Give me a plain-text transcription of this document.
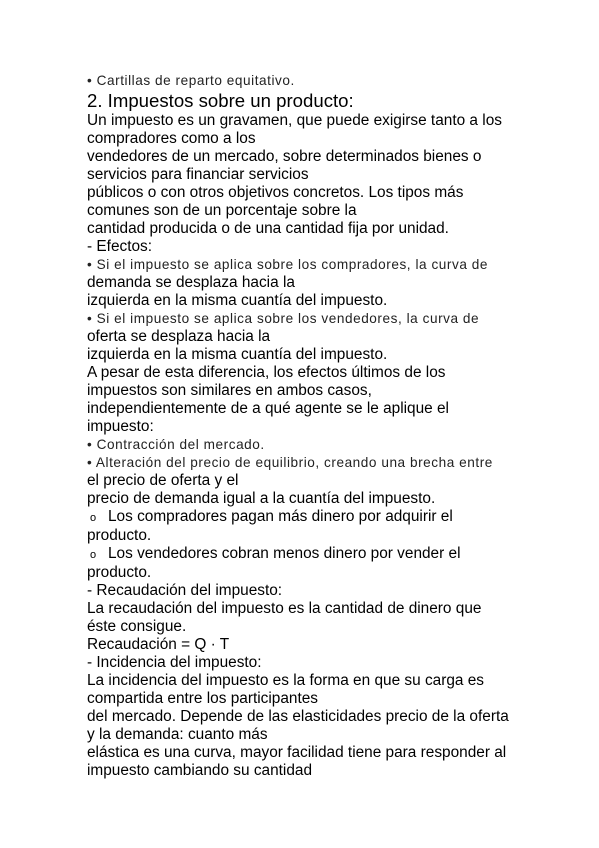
• Cartillas de reparto equitativo.
2. Impuestos sobre un producto:
Un impuesto es un gravamen, que puede exigirse tanto a los
compradores como a los
vendedores de un mercado, sobre determinados bienes o
servicios para financiar servicios
públicos o con otros objetivos concretos. Los tipos más
comunes son de un porcentaje sobre la
cantidad producida o de una cantidad fija por unidad.
- Efectos:
• Si el impuesto se aplica sobre los compradores, la curva de
demanda se desplaza hacia la
izquierda en la misma cuantía del impuesto.
• Si el impuesto se aplica sobre los vendedores, la curva de
oferta se desplaza hacia la
izquierda en la misma cuantía del impuesto.
A pesar de esta diferencia, los efectos últimos de los
impuestos son similares en ambos casos,
independientemente de a qué agente se le aplique el
impuesto:
• Contracción del mercado.
• Alteración del precio de equilibrio, creando una brecha entre
el precio de oferta y el
precio de demanda igual a la cuantía del impuesto.
o Los compradores pagan más dinero por adquirir el
producto.
o Los vendedores cobran menos dinero por vender el
producto.
- Recaudación del impuesto:
La recaudación del impuesto es la cantidad de dinero que
éste consigue.
Recaudación = Q · T
- Incidencia del impuesto:
La incidencia del impuesto es la forma en que su carga es
compartida entre los participantes
del mercado. Depende de las elasticidades precio de la oferta
y la demanda: cuanto más
elástica es una curva, mayor facilidad tiene para responder al
impuesto cambiando su cantidad
